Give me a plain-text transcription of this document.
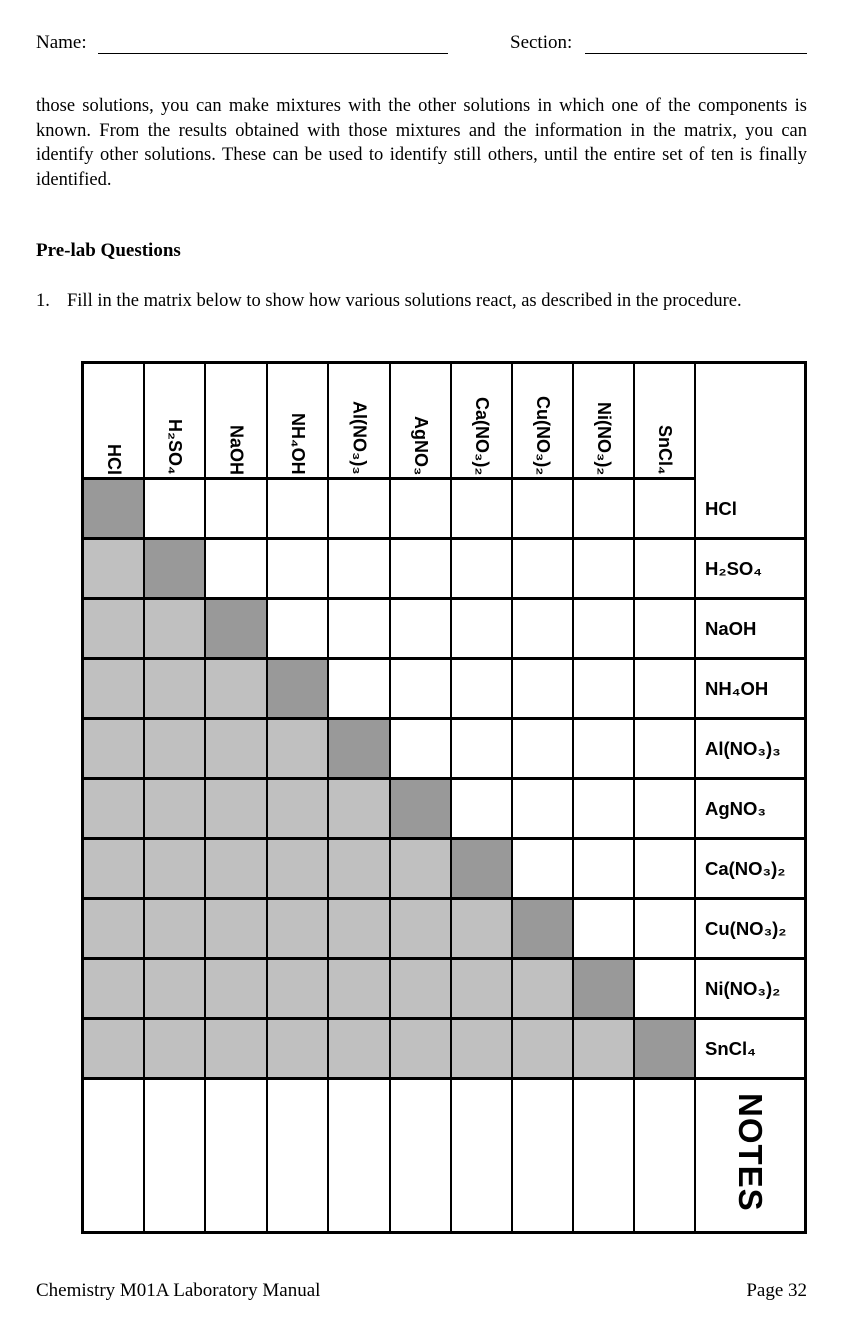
Name:	Section:
those solutions, you can make mixtures with the other solutions in which one of the components is known. From the results obtained with those mixtures and the information in the matrix, you can identify other solutions. These can be used to identify still others, until the entire set of ten is finally identified.
Pre-lab Questions
1. Fill in the matrix below to show how various solutions react, as described in the procedure.
HCl H₂SO₄ NaOH NH₄OH Al(NO₃)₃ AgNO₃ Ca(NO₃)₂ Cu(NO₃)₂ Ni(NO₃)₂ SnCl₄
HCl
H₂SO₄
NaOH
NH₄OH
Al(NO₃)₃
AgNO₃
Ca(NO₃)₂
Cu(NO₃)₂
Ni(NO₃)₂
SnCl₄
NOTES
Chemistry M01A Laboratory Manual	Page 32
